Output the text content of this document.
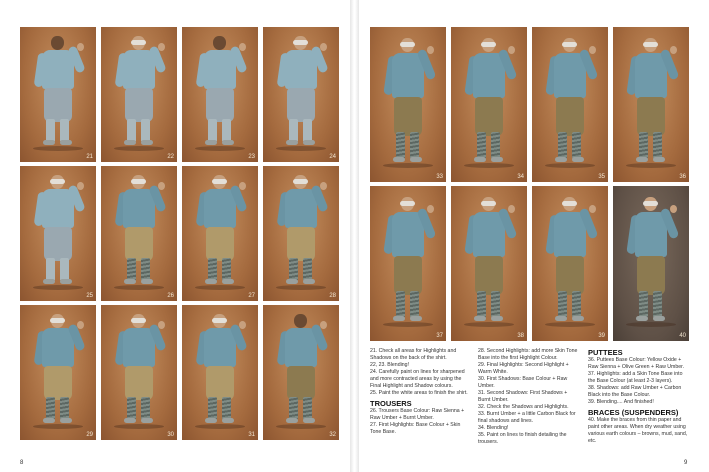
21	22	23	24
25	26	27	28
29	30	31	32
33	34	35	36
37	38	39	40
8	9

21. Check all areas for Highlights and Shadows on the back of the shirt.

22, 23. Blending!

24. Carefully paint on lines for sharpened and more contracted areas by using the Final Highlight and Shadow colours.

25. Paint the white areas to finish the shirt.

TROUSERS

26. Trousers Base Colour: Raw Sienna + Raw Umber + Burnt Umber.

27. First Highlights: Base Colour + Skin Tone Base.

28. Second Highlights: add more Skin Tone Base into the first Highlight Colour.

29. Final Highlights: Second Highlight + Warm White.

30. First Shadows: Base Colour + Raw Umber.

31. Second Shadows: First Shadows + Burnt Umber.

32. Check the Shadows and Highlights.

33. Burnt Umber + a little Carbon Black for final shadows and lines.

34. Blending!

35. Paint on lines to finish detailing the trousers.

PUTTEES

36. Puttees Base Colour: Yellow Oxide + Raw Sienna + Olive Green + Raw Umber.

37. Highlights: add a Skin Tone Base into the Base Colour (at least 2-3 layers).

38. Shadows: add Raw Umber + Carbon Black into the Base Colour.

39. Blending.... And finished!

BRACES (SUSPENDERS)

40. Make the braces from thin paper and paint other areas. When dry weather using various earth colours – browns, mud, sand, etc.
